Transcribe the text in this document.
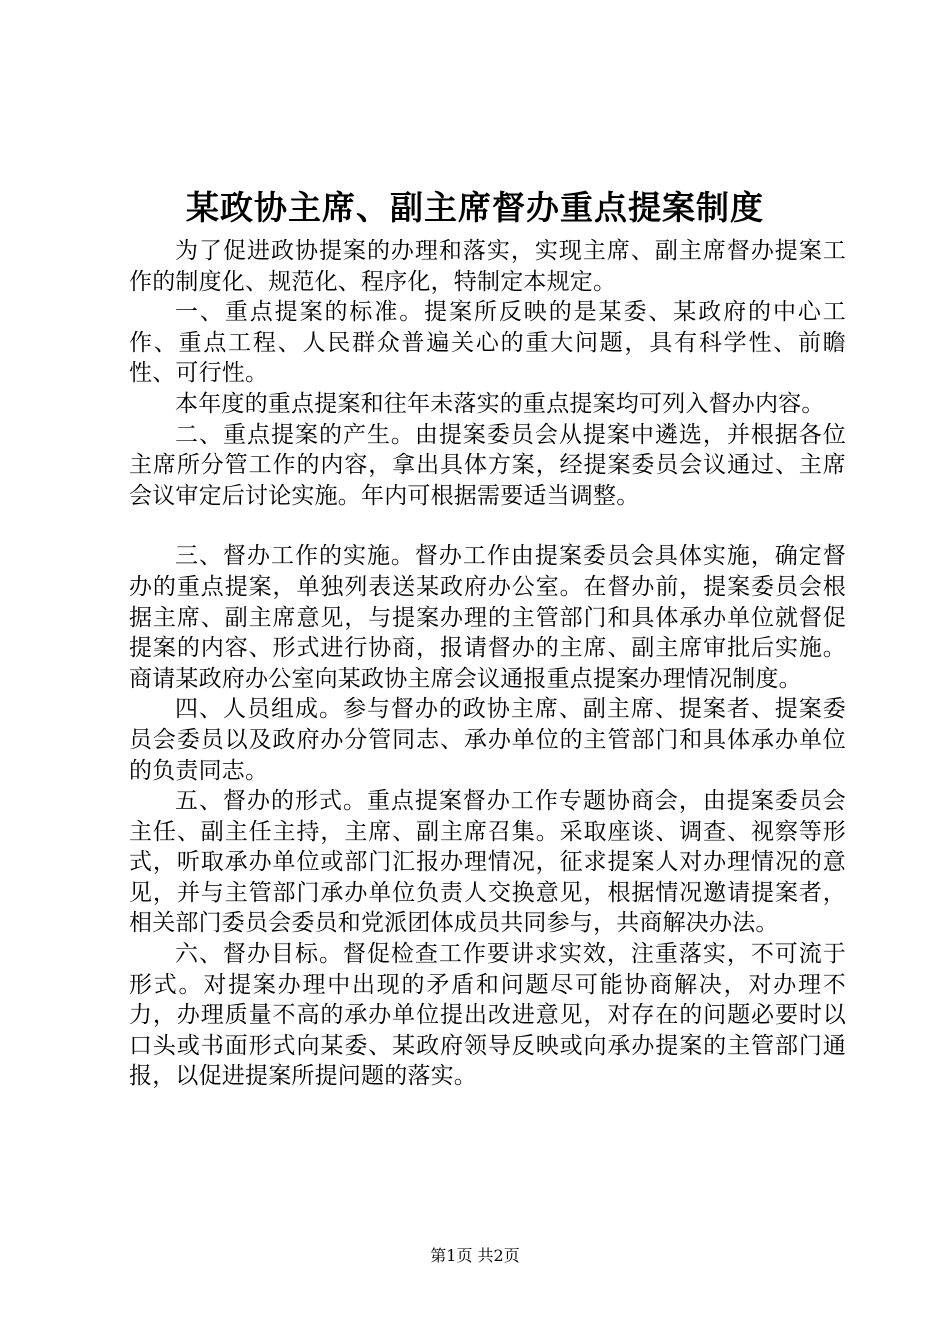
某政协主席、副主席督办重点提案制度

为了促进政协提案的办理和落实，实现主席、副主席督办提案工作的制度化、规范化、程序化，特制定本规定。

一、重点提案的标准。提案所反映的是某委、某政府的中心工作、重点工程、人民群众普遍关心的重大问题，具有科学性、前瞻性、可行性。

本年度的重点提案和往年未落实的重点提案均可列入督办内容。

二、重点提案的产生。由提案委员会从提案中遴选，并根据各位主席所分管工作的内容，拿出具体方案，经提案委员会议通过、主席会议审定后讨论实施。年内可根据需要适当调整。

三、督办工作的实施。督办工作由提案委员会具体实施，确定督办的重点提案，单独列表送某政府办公室。在督办前，提案委员会根据主席、副主席意见，与提案办理的主管部门和具体承办单位就督促提案的内容、形式进行协商，报请督办的主席、副主席审批后实施。商请某政府办公室向某政协主席会议通报重点提案办理情况制度。

四、人员组成。参与督办的政协主席、副主席、提案者、提案委员会委员以及政府办分管同志、承办单位的主管部门和具体承办单位的负责同志。

五、督办的形式。重点提案督办工作专题协商会，由提案委员会主任、副主任主持，主席、副主席召集。采取座谈、调查、视察等形式，听取承办单位或部门汇报办理情况，征求提案人对办理情况的意见，并与主管部门承办单位负责人交换意见，根据情况邀请提案者，相关部门委员会委员和党派团体成员共同参与，共商解决办法。

六、督办目标。督促检查工作要讲求实效，注重落实，不可流于形式。对提案办理中出现的矛盾和问题尽可能协商解决，对办理不力，办理质量不高的承办单位提出改进意见，对存在的问题必要时以口头或书面形式向某委、某政府领导反映或向承办提案的主管部门通报，以促进提案所提问题的落实。

第1页 共2页
